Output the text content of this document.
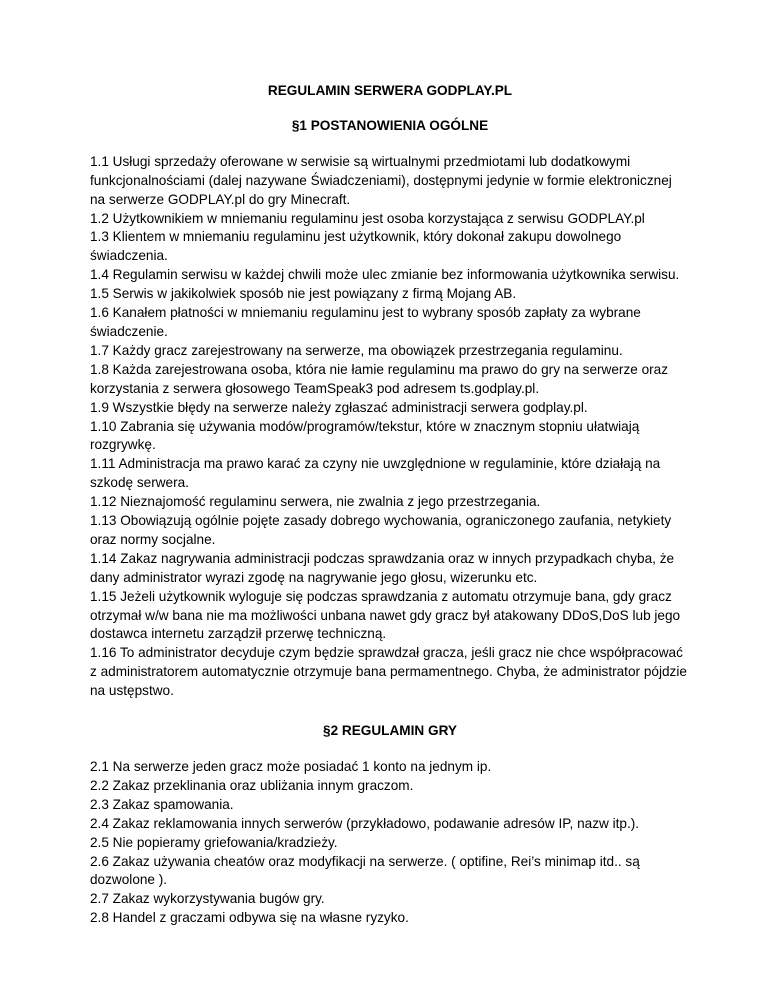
REGULAMIN SERWERA GODPLAY.PL
§1 POSTANOWIENIA OGÓLNE

1.1 Usługi sprzedaży oferowane w serwisie są wirtualnymi przedmiotami lub dodatkowymi funkcjonalnościami (dalej nazywane Świadczeniami), dostępnymi jedynie w formie elektronicznej na serwerze GODPLAY.pl do gry Minecraft.

1.2 Użytkownikiem w mniemaniu regulaminu jest osoba korzystająca z serwisu GODPLAY.pl

1.3 Klientem w mniemaniu regulaminu jest użytkownik, który dokonał zakupu dowolnego świadczenia.

1.4 Regulamin serwisu w każdej chwili może ulec zmianie bez informowania użytkownika serwisu.

1.5 Serwis w jakikolwiek sposób nie jest powiązany z firmą Mojang AB.

1.6 Kanałem płatności w mniemaniu regulaminu jest to wybrany sposób zapłaty za wybrane świadczenie.

1.7 Każdy gracz zarejestrowany na serwerze, ma obowiązek przestrzegania regulaminu.

1.8 Każda zarejestrowana osoba, która nie łamie regulaminu ma prawo do gry na serwerze oraz korzystania z serwera głosowego TeamSpeak3 pod adresem ts.godplay.pl.

1.9 Wszystkie błędy na serwerze należy zgłaszać administracji serwera godplay.pl.

1.10 Zabrania się używania modów/programów/tekstur, które w znacznym stopniu ułatwiają rozgrywkę.

1.11 Administracja ma prawo karać za czyny nie uwzględnione w regulaminie, które działają na szkodę serwera.

1.12 Nieznajomość regulaminu serwera, nie zwalnia z jego przestrzegania.

1.13 Obowiązują ogólnie pojęte zasady dobrego wychowania, ograniczonego zaufania, netykiety oraz normy socjalne.

1.14 Zakaz nagrywania administracji podczas sprawdzania oraz w innych przypadkach chyba, że dany administrator wyrazi zgodę na nagrywanie jego głosu, wizerunku etc.

1.15 Jeżeli użytkownik wyloguje się podczas sprawdzania z automatu otrzymuje bana, gdy gracz otrzymał w/w bana nie ma możliwości unbana nawet gdy gracz był atakowany DDoS,DoS lub jego dostawca internetu zarządził przerwę techniczną.

1.16 To administrator decyduje czym będzie sprawdzał gracza, jeśli gracz nie chce współpracować z administratorem automatycznie otrzymuje bana permamentnego. Chyba, że administrator pójdzie na ustępstwo.

§2 REGULAMIN GRY

2.1 Na serwerze jeden gracz może posiadać 1 konto na jednym ip.

2.2 Zakaz przeklinania oraz ubliżania innym graczom.

2.3 Zakaz spamowania.

2.4 Zakaz reklamowania innych serwerów (przykładowo, podawanie adresów IP, nazw itp.).

2.5 Nie popieramy griefowania/kradzieży.

2.6 Zakaz używania cheatów oraz modyfikacji na serwerze. ( optifine, Rei’s minimap itd.. są dozwolone ).

2.7 Zakaz wykorzystywania bugów gry.

2.8 Handel z graczami odbywa się na własne ryzyko.
